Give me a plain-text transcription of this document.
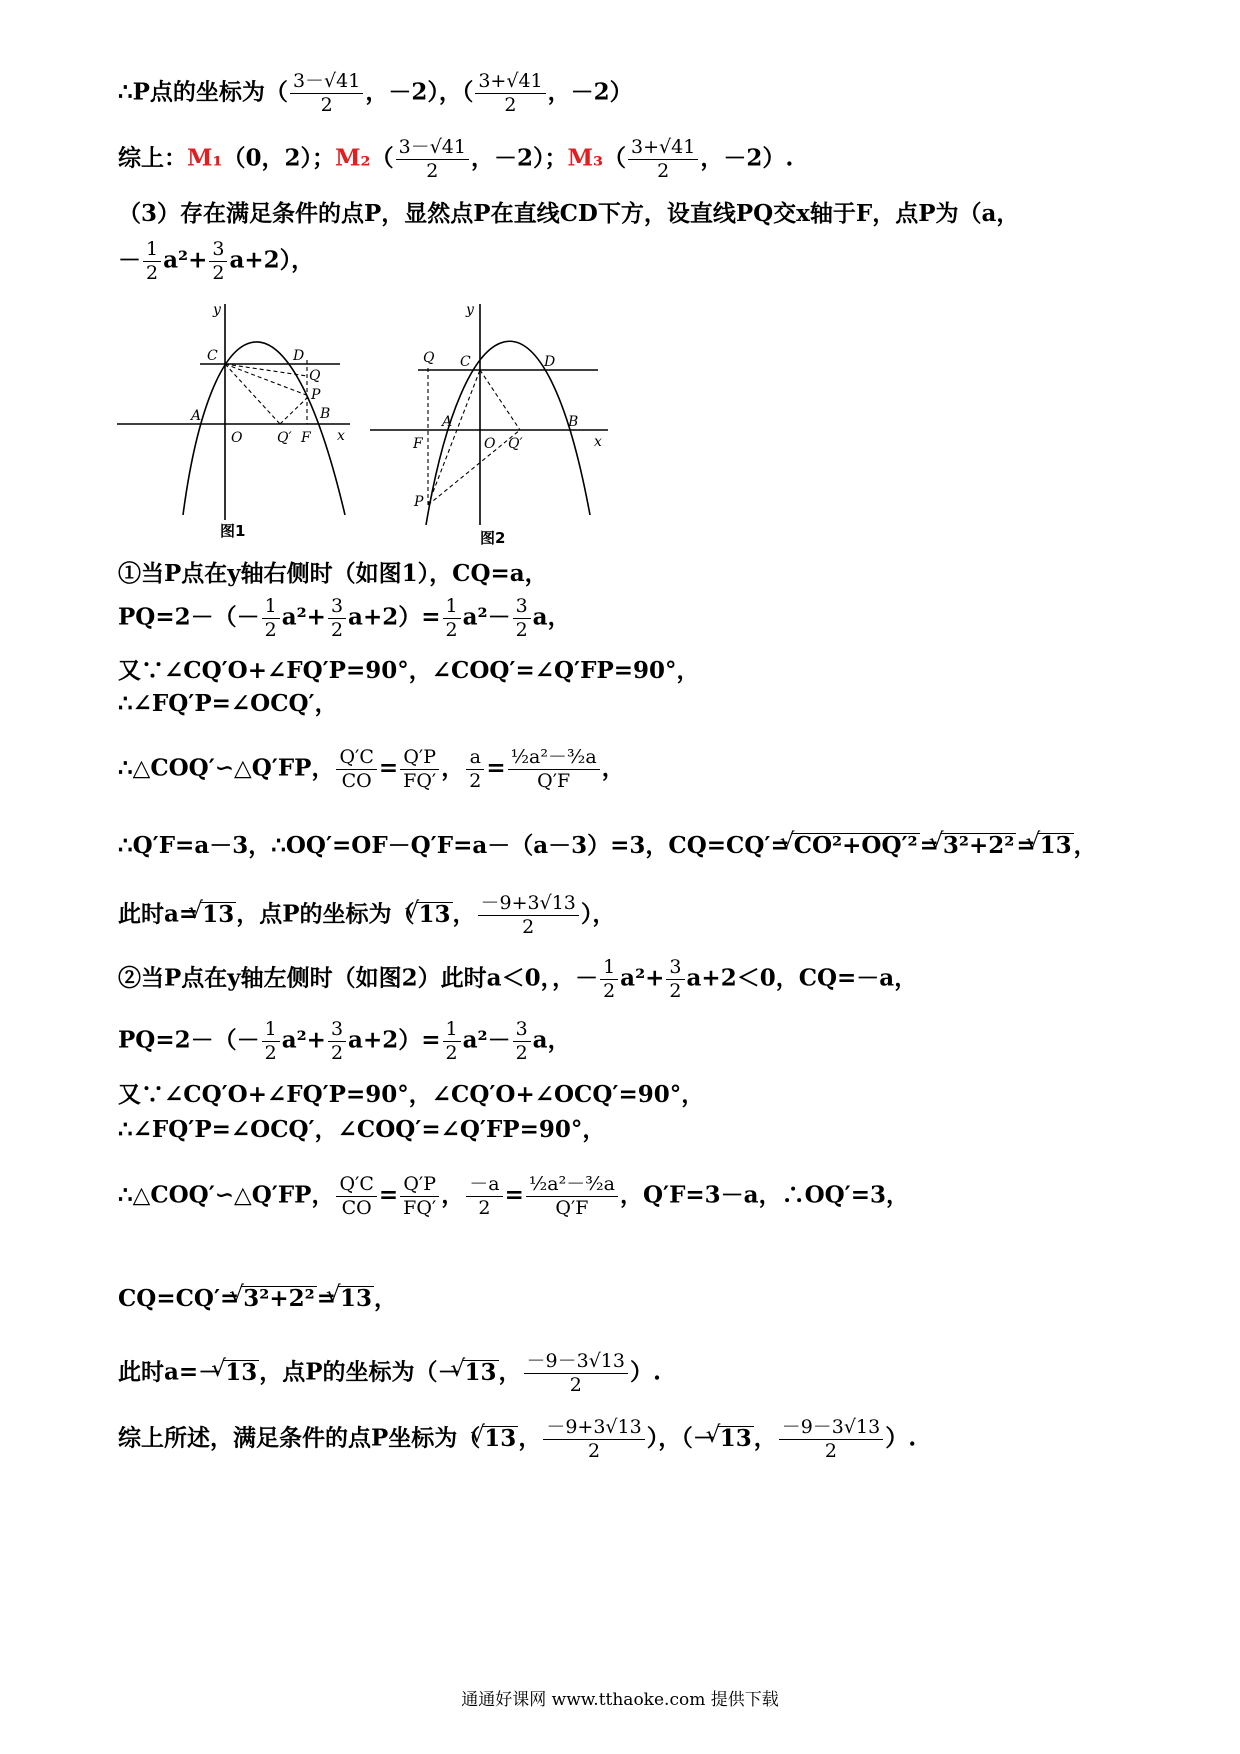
∴P点的坐标为（ $\frac{3-√41}{2}$ ，－2），（ $\frac{3+√41}{2}$ ，－2）
综上：M₁（0，2）；$M_2( \frac{3-√41}{2}$ ，－2）；$M_3( \frac{3+√41}{2}$ ，－2）.
（3）存在满足条件的点P，显然点P在直线CD下方，设直线PQ交x轴于F，点P为（a，
－ $\frac{1}{2} a^2+ \frac{3}{2} a+2$），
y
x
C	D
Q
P
A
O Q′ F
B
图1
y
x
Q C	D
F
A
O Q′
B
P
图2
①当P点在y轴右侧时（如图1），CQ=a，
$PQ=2-(- \frac{1}{2} a^2+ \frac{3}{2} a+2)= \frac{1}{2} a^2- \frac{3}{2}$ a，
又∵∠CQ′O+∠FQ′P=90°，∠COQ′=∠Q′FP=90°，
∴∠FQ′P=∠OCQ′，
∴△COQ′∽△Q′FP， $\frac{Q'C}{CO} = \frac{Q'P}{FQ'}$ ， $\frac{a}{2} = \frac{\text{½a²－³⁄₂a}}{Q'F}$ ，
∴Q′F=a－3，∴OQ′=OF－Q′F=a－（a－3）=3，CQ=CQ′= √ CO²+OQ′²= √ 3²+2²= √ 13，
此时a= √ 13，点P的坐标为（ √ 13， $\frac{-9+3√13}{2}$ ），
②当P点在y轴左侧时（如图2）此时a＜0，，－ $\frac{1}{2} a^2+ \frac{3}{2} a+2<0$，CQ=－a，
$PQ=2-(- \frac{1}{2} a^2+ \frac{3}{2} a+2)= \frac{1}{2} a^2- \frac{3}{2}$ a，
又∵∠CQ′O+∠FQ′P=90°，∠CQ′O+∠OCQ′=90°，
∴∠FQ′P=∠OCQ′，∠COQ′=∠Q′FP=90°，
∴△COQ′∽△Q′FP， $\frac{Q'C}{CO} = \frac{Q'P}{FQ'}$ ， $\frac{-a}{2} = \frac{\text{½a²－³⁄₂a}}{Q'F}$ ，Q′F=3－a，∴OQ′=3，
CQ=CQ′= √ 3²+2²= √ 13，
此时a=－ √ 13，点P的坐标为（－ √ 13， $\frac{-9-3√13}{2}$ ）.
综上所述，满足条件的点P坐标为（ √ 13， $\frac{-9+3√13}{2}$ ），（－ √ 13， $\frac{-9-3√13}{2}$ ）.
通通好课网 www.tthaoke.com 提供下载
